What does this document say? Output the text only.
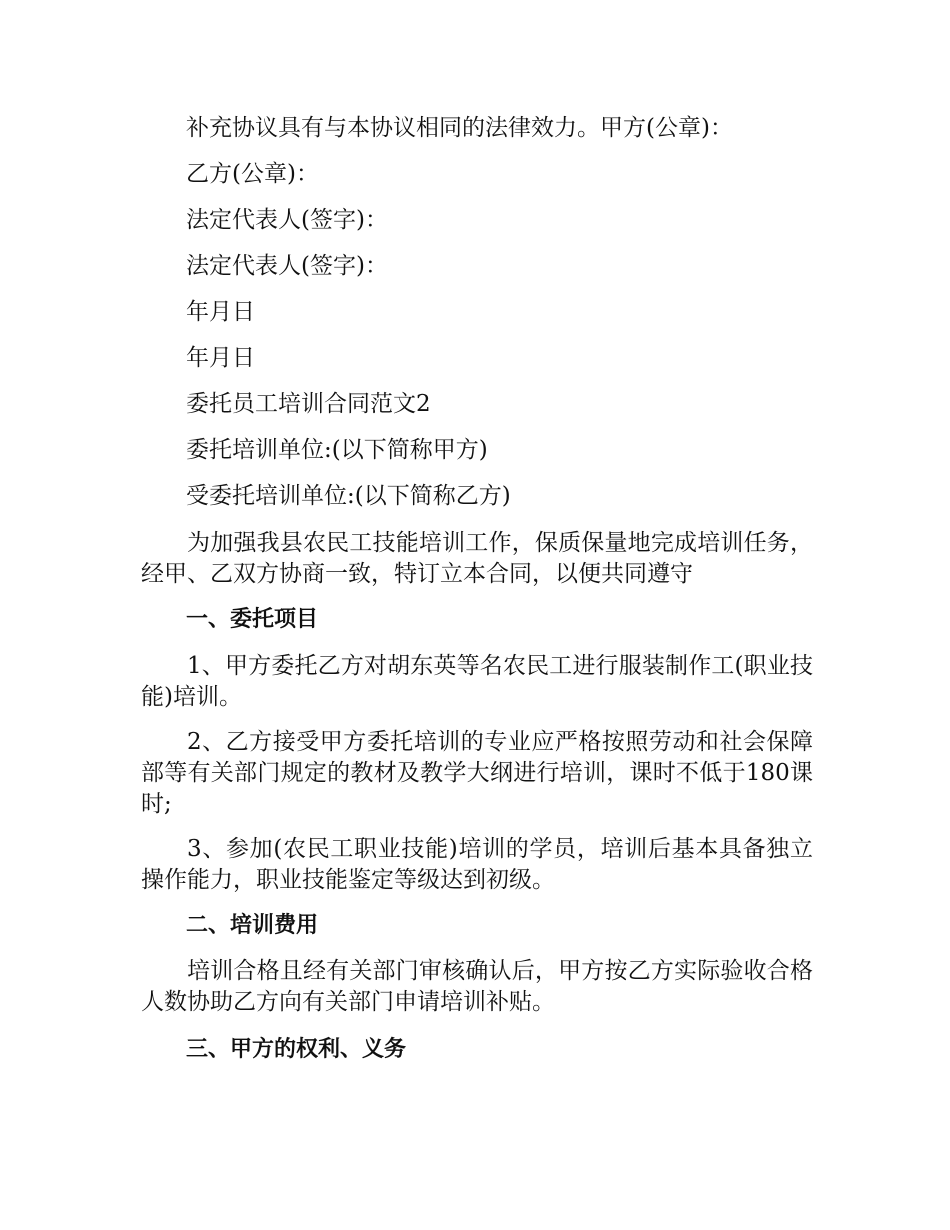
补充协议具有与本协议相同的法律效力。甲方(公章)：

乙方(公章)：

法定代表人(签字)：

法定代表人(签字)：

年月日

年月日

委托员工培训合同范文2

委托培训单位:(以下简称甲方)

受委托培训单位:(以下简称乙方)

为加强我县农民工技能培训工作，保质保量地完成培训任务，经甲、乙双方协商一致，特订立本合同，以便共同遵守

一、委托项目

1、甲方委托乙方对胡东英等名农民工进行服装制作工(职业技能)培训。

2、乙方接受甲方委托培训的专业应严格按照劳动和社会保障部等有关部门规定的教材及教学大纲进行培训，课时不低于180课时;

3、参加(农民工职业技能)培训的学员，培训后基本具备独立操作能力，职业技能鉴定等级达到初级。

二、培训费用

培训合格且经有关部门审核确认后，甲方按乙方实际验收合格人数协助乙方向有关部门申请培训补贴。

三、甲方的权利、义务
